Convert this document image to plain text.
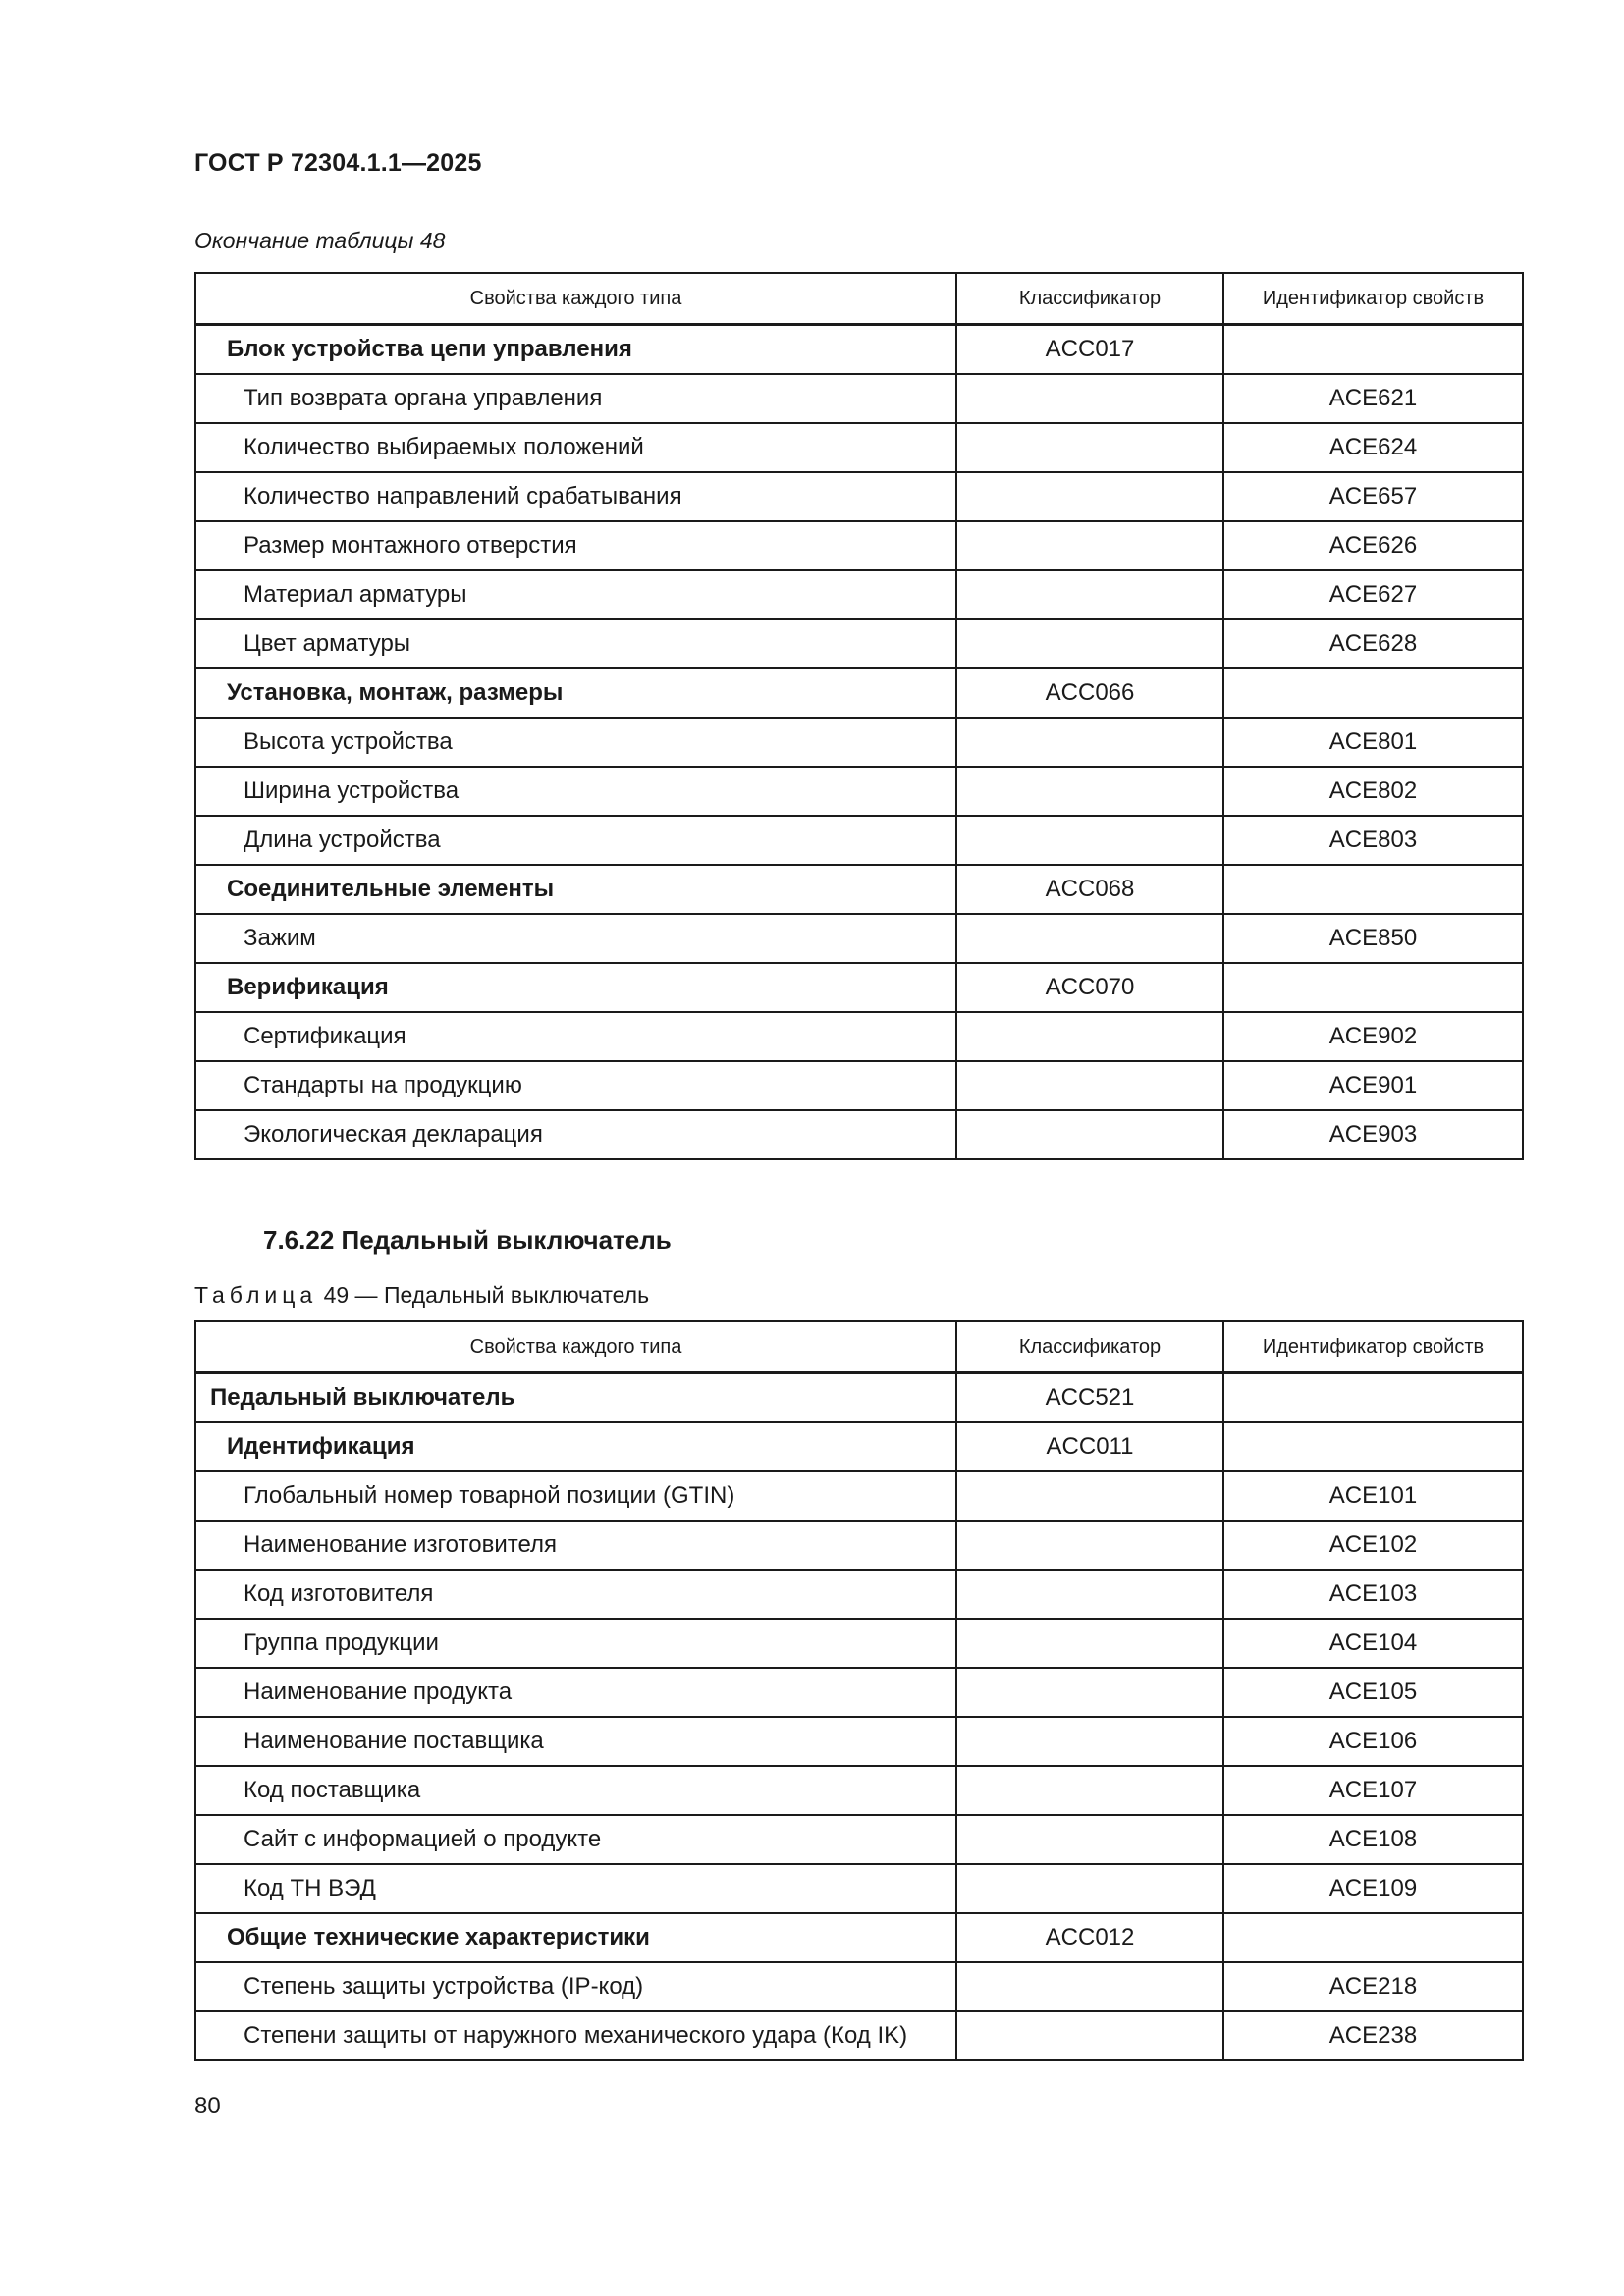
ГОСТ Р 72304.1.1—2025

Окончание таблицы 48

Свойства каждого типа	Классификатор	Идентификатор свойств
Блок устройства цепи управления	ACC017	
Тип возврата органа управления		ACE621
Количество выбираемых положений		ACE624
Количество направлений срабатывания		ACE657
Размер монтажного отверстия		ACE626
Материал арматуры		ACE627
Цвет арматуры		ACE628
Установка, монтаж, размеры	ACC066	
Высота устройства		ACE801
Ширина устройства		ACE802
Длина устройства		ACE803
Соединительные элементы	ACC068	
Зажим		ACE850
Верификация	ACC070	
Сертификация		ACE902
Стандарты на продукцию		ACE901
Экологическая декларация		ACE903
7.6.22 Педальный выключатель

Таблица 49 — Педальный выключатель

Свойства каждого типа	Классификатор	Идентификатор свойств
Педальный выключатель	ACC521	
Идентификация	ACC011	
Глобальный номер товарной позиции (GTIN)		ACE101
Наименование изготовителя		ACE102
Код изготовителя		ACE103
Группа продукции		ACE104
Наименование продукта		ACE105
Наименование поставщика		ACE106
Код поставщика		ACE107
Сайт с информацией о продукте		ACE108
Код ТН ВЭД		ACE109
Общие технические характеристики	ACC012	
Степень защиты устройства (IP-код)		ACE218
Степени защиты от наружного механического удара (Код IK)		ACE238

80
